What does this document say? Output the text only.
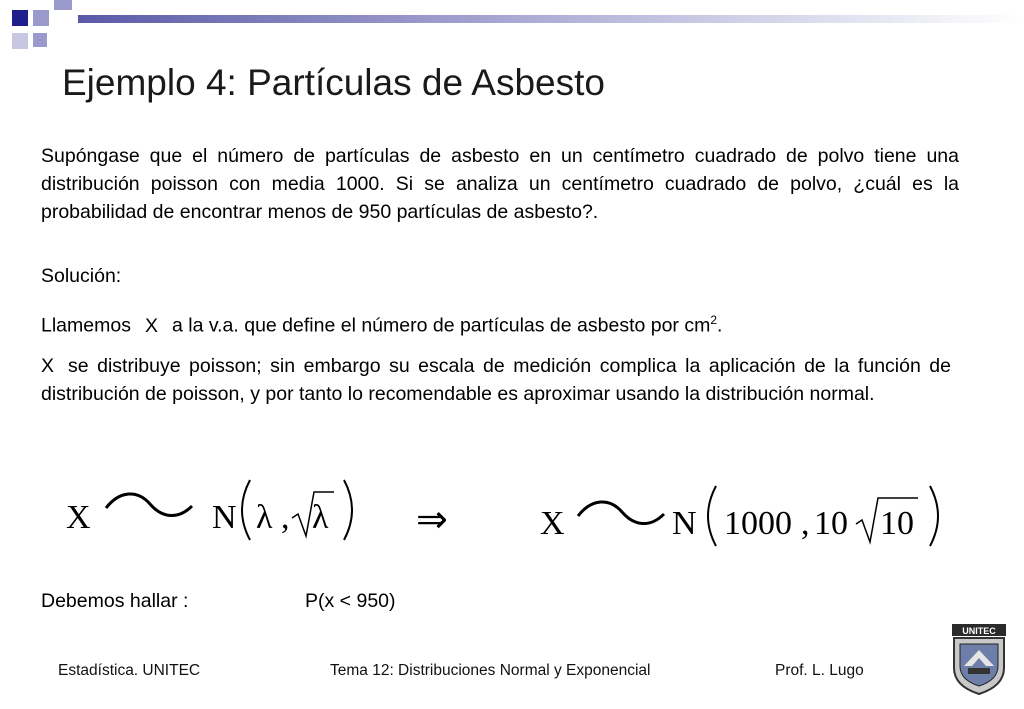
Ejemplo 4: Partículas de Asbesto
Supóngase que el número de partículas de asbesto en un centímetro cuadrado de polvo tiene una distribución poisson con media 1000. Si se analiza un centímetro cuadrado de polvo, ¿cuál es la probabilidad de encontrar menos de 950 partículas de asbesto?.
Solución:
Llamemos X a la v.a. que define el número de partículas de asbesto por $cm^2$.
X se distribuye poisson; sin embargo su escala de medición complica la aplicación de la función de distribución de poisson, y por tanto lo recomendable es aproximar usando la distribución normal.
X	N λ , λ ⇒	X	N 1000 , 10 10
Debemos hallar :	P(x < 950)
Estadística. UNITEC	Tema 12: Distribuciones Normal y Exponencial	Prof. L. Lugo
UNITEC
